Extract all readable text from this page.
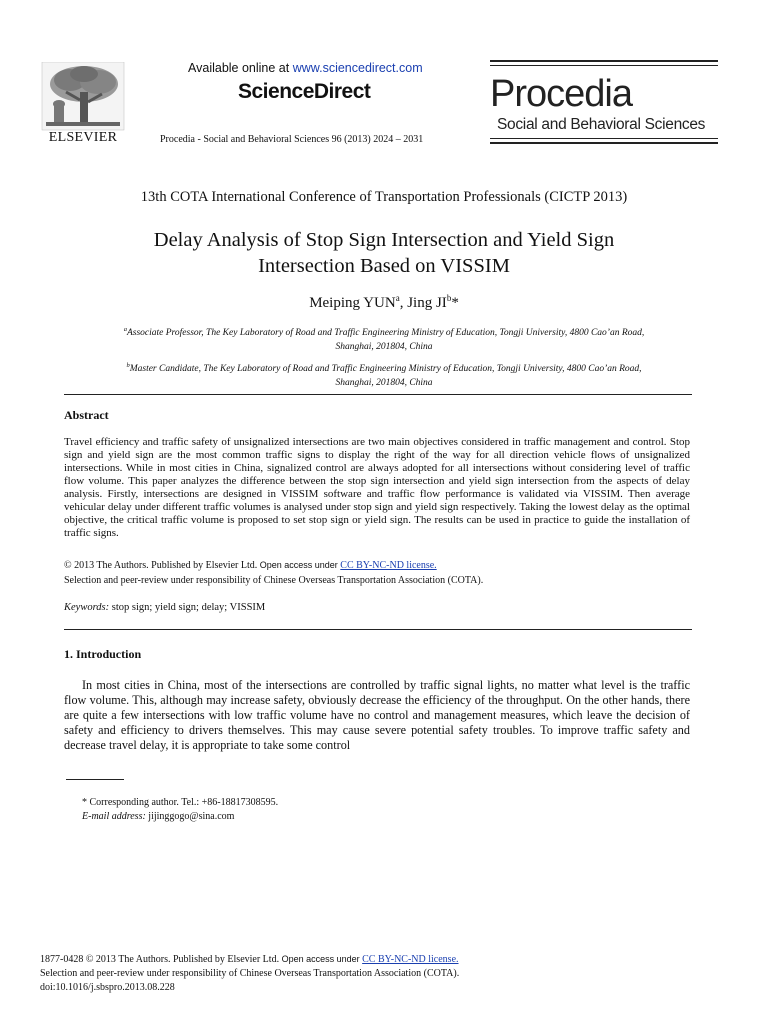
ELSEVIER
Available online at www.sciencedirect.com
ScienceDirect
Procedia - Social and Behavioral Sciences 96 (2013) 2024 – 2031
Procedia
Social and Behavioral Sciences
13th COTA International Conference of Transportation Professionals (CICTP 2013)
Delay Analysis of Stop Sign Intersection and Yield Sign
Intersection Based on VISSIM
Meiping YUN$^a$, Jing $JI^b*$
$^a$Associate Professor, The Key Laboratory of Road and Traffic Engineering Ministry of Education, Tongji University, 4800 Cao’an Road,
Shanghai, 201804, China
$^b$Master Candidate, The Key Laboratory of Road and Traffic Engineering Ministry of Education, Tongji University, 4800 Cao’an Road,
Shanghai, 201804, China
Abstract
Travel efficiency and traffic safety of unsignalized intersections are two main objectives considered in traffic management and control. Stop sign and yield sign are the most common traffic signs to display the right of the way for all direction vehicle flows of unsignalized intersections. While in most cities in China, signalized control are always adopted for all intersections without considering level of traffic flow volume. This paper analyzes the difference between the stop sign intersection and yield sign intersection from the aspects of delay analysis. Firstly, intersections are designed in VISSIM software and traffic flow performance is validated via VISSIM. Then average vehicular delay under different traffic volumes is analysed under stop sign and yield sign respectively. Taking the lowest delay as the optimal objective, the critical traffic volume is proposed to set stop sign or yield sign. The results can be used in practice to guide the installation of traffic signs.
© 2013 The Authors. Published by Elsevier Ltd. Open access under CC BY-NC-ND license.
Selection and peer-review under responsibility of Chinese Overseas Transportation Association (COTA).
Keywords: stop sign; yield sign; delay; VISSIM
1. Introduction
In most cities in China, most of the intersections are controlled by traffic signal lights, no matter what level is the traffic flow volume. This, although may increase safety, obviously decrease the efficiency of the throughput. On the other hands, there are quite a few intersections with low traffic volume have no control and management measures, which leave the decision of safety and efficiency to drivers themselves. This may cause severe potential safety troubles. To improve traffic safety and decrease travel delay, it is appropriate to take some control
* Corresponding author. Tel.: +86-18817308595.
E-mail address: jijinggogo@sina.com
1877-0428 © 2013 The Authors. Published by Elsevier Ltd. Open access under CC BY-NC-ND license.
Selection and peer-review under responsibility of Chinese Overseas Transportation Association (COTA).
doi:10.1016/j.sbspro.2013.08.228
